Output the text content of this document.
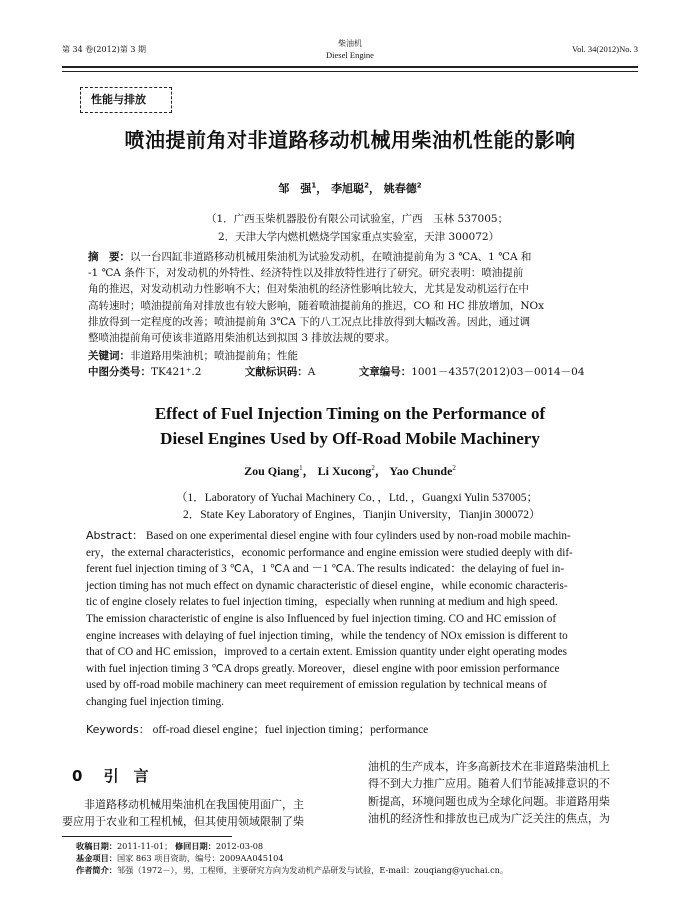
第 34 卷(2012)第 3 期
柴油机
Diesel Engine
Vol. 34(2012)No. 3
性能与排放
喷油提前角对非道路移动机械用柴油机性能的影响
邹　强$^1$， 李旭聪$^2$， 姚春德$^2$
（1．广西玉柴机器股份有限公司试验室，广西　玉林 537005；
2．天津大学内燃机燃烧学国家重点实验室，天津 300072）
摘　要：以一台四缸非道路移动机械用柴油机为试验发动机，在喷油提前角为 3 ℃A、1 ℃A 和
-1 ℃A 条件下，对发动机的外特性、经济特性以及排放特性进行了研究。研究表明：喷油提前
角的推迟，对发动机动力性影响不大；但对柴油机的经济性影响比较大，尤其是发动机运行在中
高转速时；喷油提前角对排放也有较大影响，随着喷油提前角的推迟，CO 和 HC 排放增加，NOx
排放得到一定程度的改善；喷油提前角 3℃A 下的八工况点比排放得到大幅改善。因此，通过调
整喷油提前角可使该非道路用柴油机达到拟国 3 排放法规的要求。
关键词：非道路用柴油机；喷油提前角；性能
中图分类号：TK421⁺.2	文献标识码：A	文章编号：1001－4357(2012)03－0014－04
Effect of Fuel Injection Timing on the Performance of
Diesel Engines Used by Off-Road Mobile Machinery
Zou Qiang$^1$， Li Xucong$^2$， Yao Chunde$^2$
（1．Laboratory of Yuchai Machinery Co．，Ltd．，Guangxi Yulin 537005；
2．State Key Laboratory of Engines，Tianjin University，Tianjin 300072）
Abstract： Based on one experimental diesel engine with four cylinders used by non-road mobile machin-
ery，the external characteristics，economic performance and engine emission were studied deeply with dif-
ferent fuel injection timing of 3 ℃A，1 ℃A and －1 ℃A. The results indicated：the delaying of fuel in-
jection timing has not much effect on dynamic characteristic of diesel engine，while economic characteris-
tic of engine closely relates to fuel injection timing，especially when running at medium and high speed.
The emission characteristic of engine is also Influenced by fuel injection timing. CO and HC emission of
engine increases with delaying of fuel injection timing，while the tendency of NOx emission is different to
that of CO and HC emission，improved to a certain extent. Emission quantity under eight operating modes
with fuel injection timing 3 ℃A drops greatly. Moreover，diesel engine with poor emission performance
used by off-road mobile machinery can meet requirement of emission regulation by technical means of
changing fuel injection timing.
Keywords： off-road diesel engine；fuel injection timing；performance
0 引　言
　　非道路移动机械用柴油机在我国使用面广，主
要应用于农业和工程机械，但其使用领域限制了柴
油机的生产成本，许多高新技术在非道路柴油机上
得不到大力推广应用。随着人们节能减排意识的不
断提高，环境问题也成为全球化问题。非道路用柴
油机的经济性和排放也已成为广泛关注的焦点，为
收稿日期：2011-11-01； 修回日期：2012-03-08
基金项目：国家 863 项目资助，编号：2009AA045104
作者简介：邹强（1972－），男，工程师，主要研究方向为发动机产品研发与试验，E-mail：zouqiang@yuchai.cn。
